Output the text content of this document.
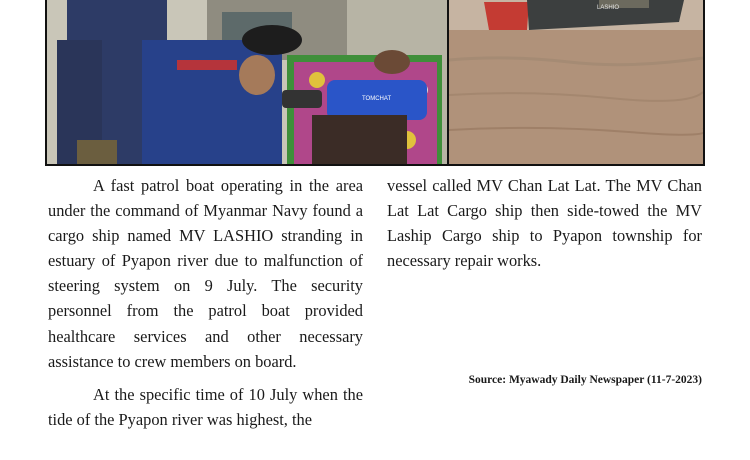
TOMCHAT
LASHIO

A fast patrol boat operating in the area under the command of Myanmar Navy found a cargo ship named MV LASHIO stranding in estuary of Pyapon river due to malfunction of steering system on 9 July. The security personnel from the patrol boat provided healthcare services and other necessary assistance to crew members on board.

At the specific time of 10 July when the tide of the Pyapon river was highest, the

vessel called MV Chan Lat Lat. The MV Chan Lat Lat Cargo ship then side-towed the MV Laship Cargo ship to Pyapon township for necessary repair works.

Source: Myawady Daily Newspaper (11-7-2023)
